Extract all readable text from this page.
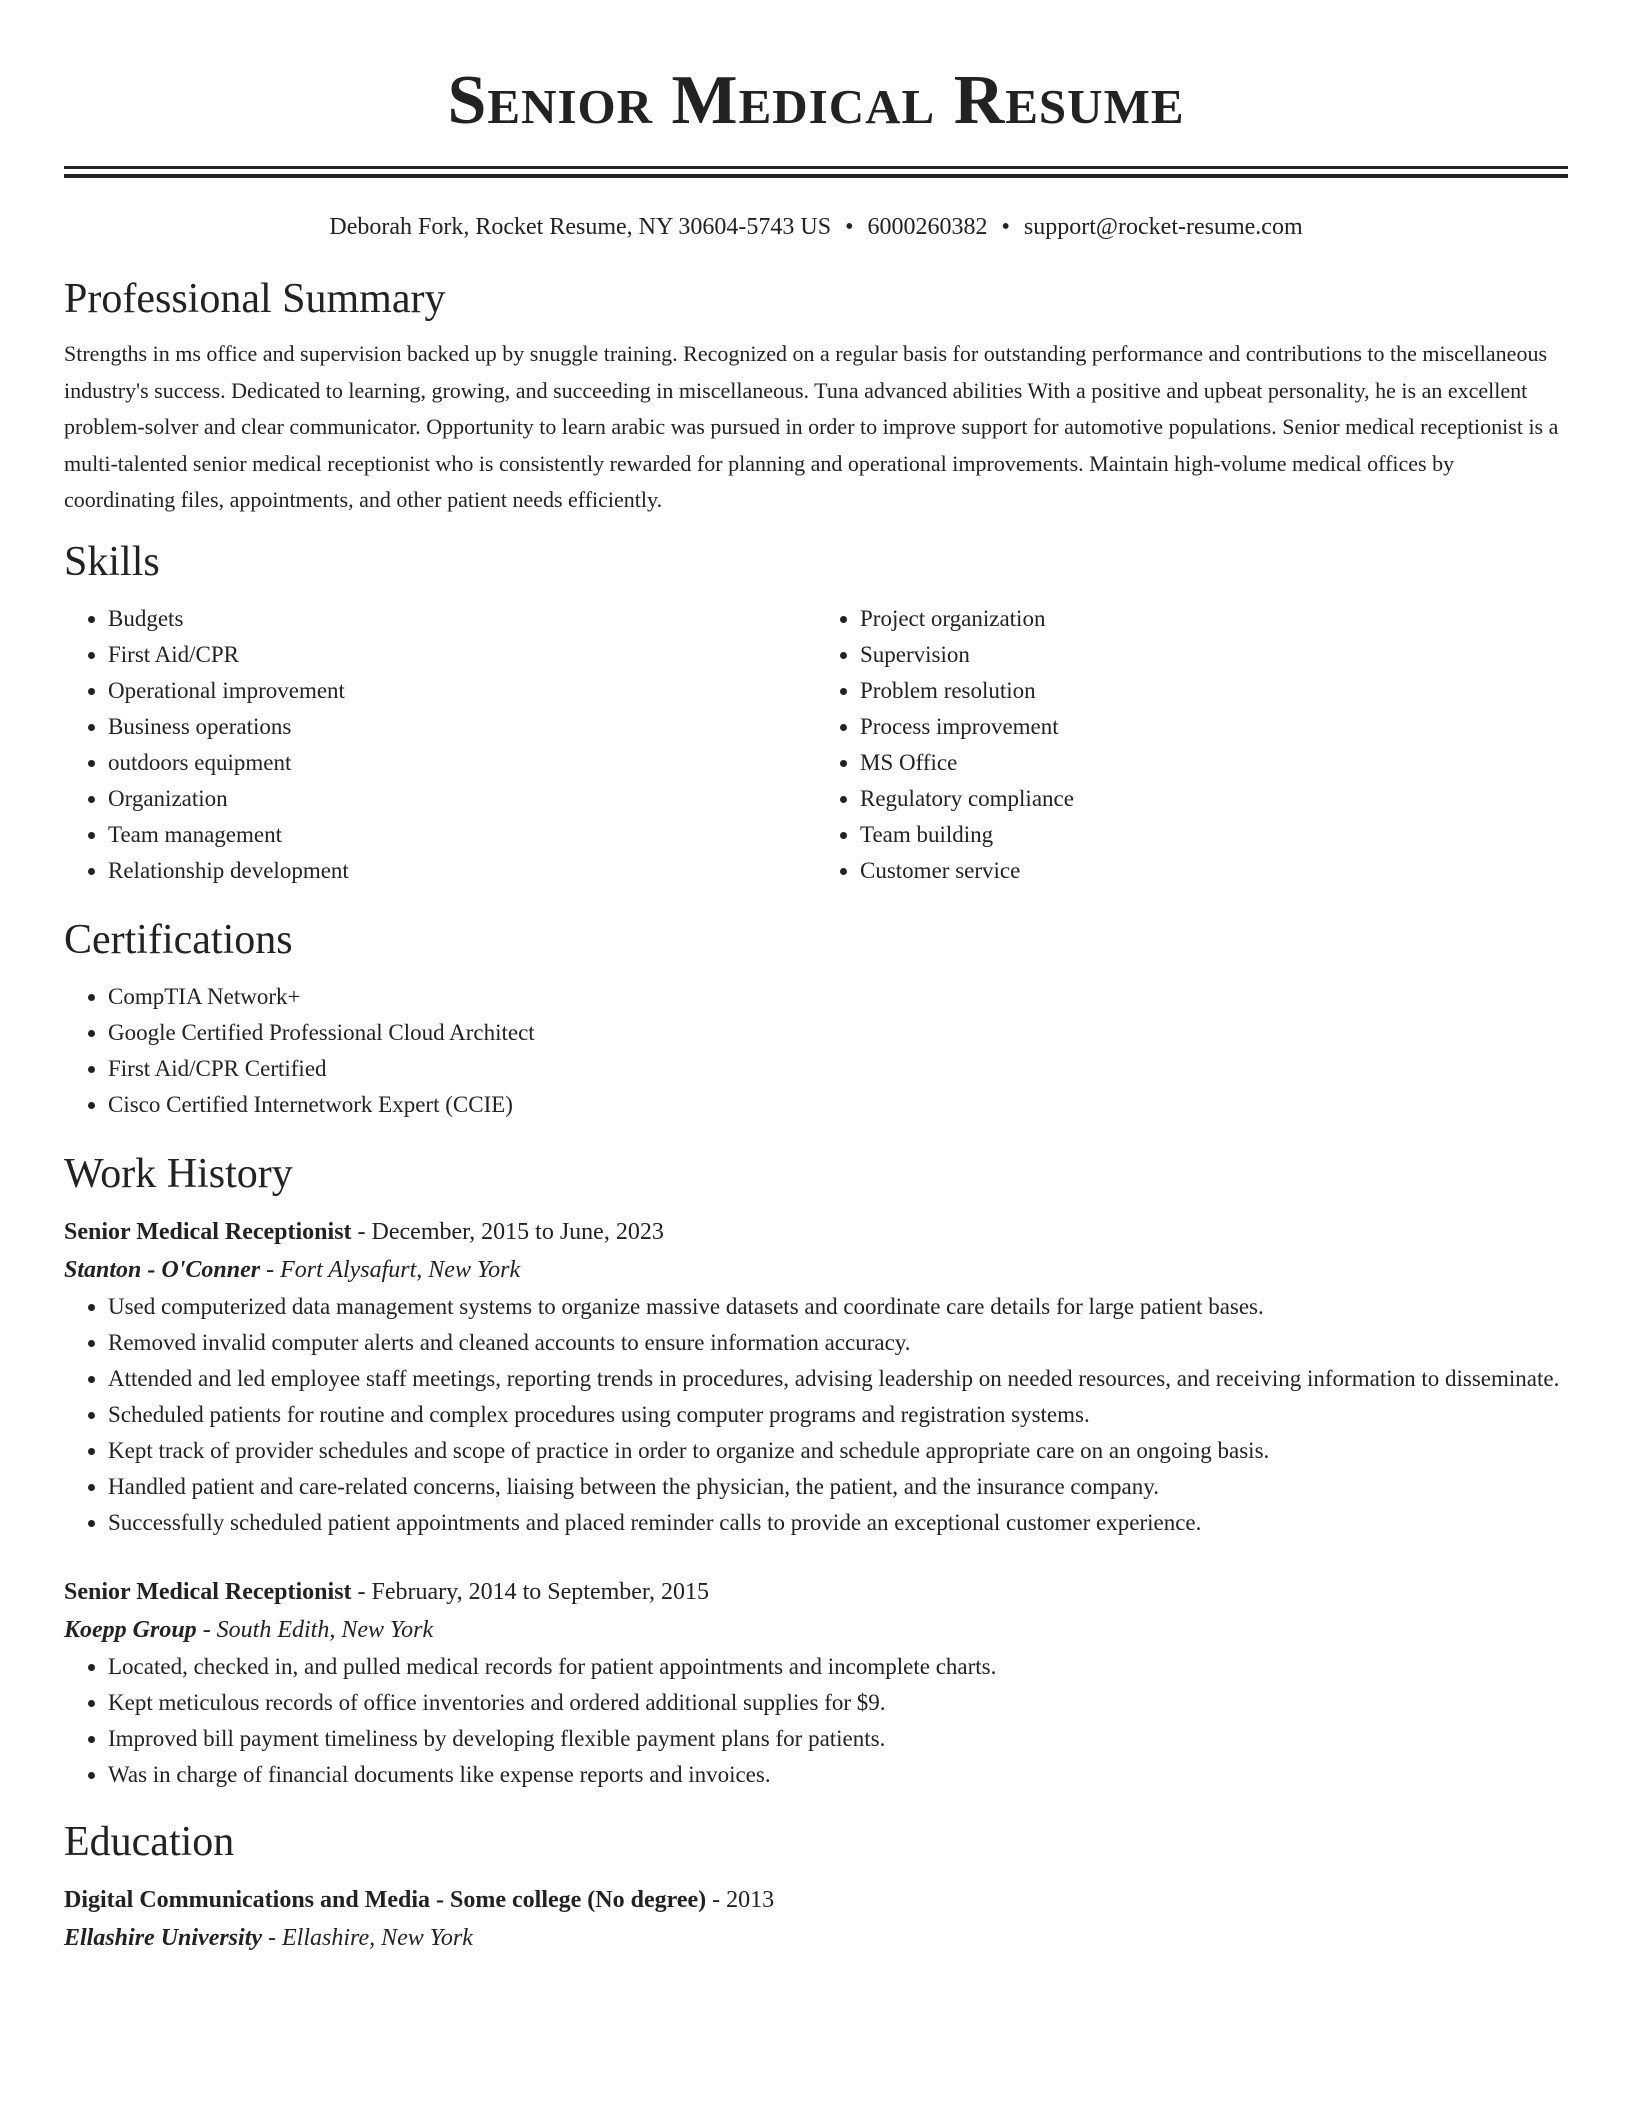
Senior Medical Resume
Deborah Fork, Rocket Resume, NY 30604-5743 US • 6000260382 • support@rocket-resume.com
Professional Summary

Strengths in ms office and supervision backed up by snuggle training. Recognized on a regular basis for outstanding performance and contributions to the miscellaneous industry's success. Dedicated to learning, growing, and succeeding in miscellaneous. Tuna advanced abilities With a positive and upbeat personality, he is an excellent problem-solver and clear communicator. Opportunity to learn arabic was pursued in order to improve support for automotive populations. Senior medical receptionist is a multi-talented senior medical receptionist who is consistently rewarded for planning and operational improvements. Maintain high-volume medical offices by coordinating files, appointments, and other patient needs efficiently.

Skills
• Budgets
• First Aid/CPR
• Operational improvement
• Business operations
• outdoors equipment
• Organization
• Team management
• Relationship development
• Project organization
• Supervision
• Problem resolution
• Process improvement
• MS Office
• Regulatory compliance
• Team building
• Customer service
Certifications
• CompTIA Network+
• Google Certified Professional Cloud Architect
• First Aid/CPR Certified
• Cisco Certified Internetwork Expert (CCIE)
Work History
Senior Medical Receptionist - December, 2015 to June, 2023
Stanton - O'Conner - Fort Alysafurt, New York
• Used computerized data management systems to organize massive datasets and coordinate care details for large patient bases.
• Removed invalid computer alerts and cleaned accounts to ensure information accuracy.
• Attended and led employee staff meetings, reporting trends in procedures, advising leadership on needed resources, and receiving information to disseminate.
• Scheduled patients for routine and complex procedures using computer programs and registration systems.
• Kept track of provider schedules and scope of practice in order to organize and schedule appropriate care on an ongoing basis.
• Handled patient and care-related concerns, liaising between the physician, the patient, and the insurance company.
• Successfully scheduled patient appointments and placed reminder calls to provide an exceptional customer experience.
Senior Medical Receptionist - February, 2014 to September, 2015
Koepp Group - South Edith, New York
• Located, checked in, and pulled medical records for patient appointments and incomplete charts.
• Kept meticulous records of office inventories and ordered additional supplies for $9.
• Improved bill payment timeliness by developing flexible payment plans for patients.
• Was in charge of financial documents like expense reports and invoices.
Education
Digital Communications and Media - Some college (No degree) - 2013
Ellashire University - Ellashire, New York
